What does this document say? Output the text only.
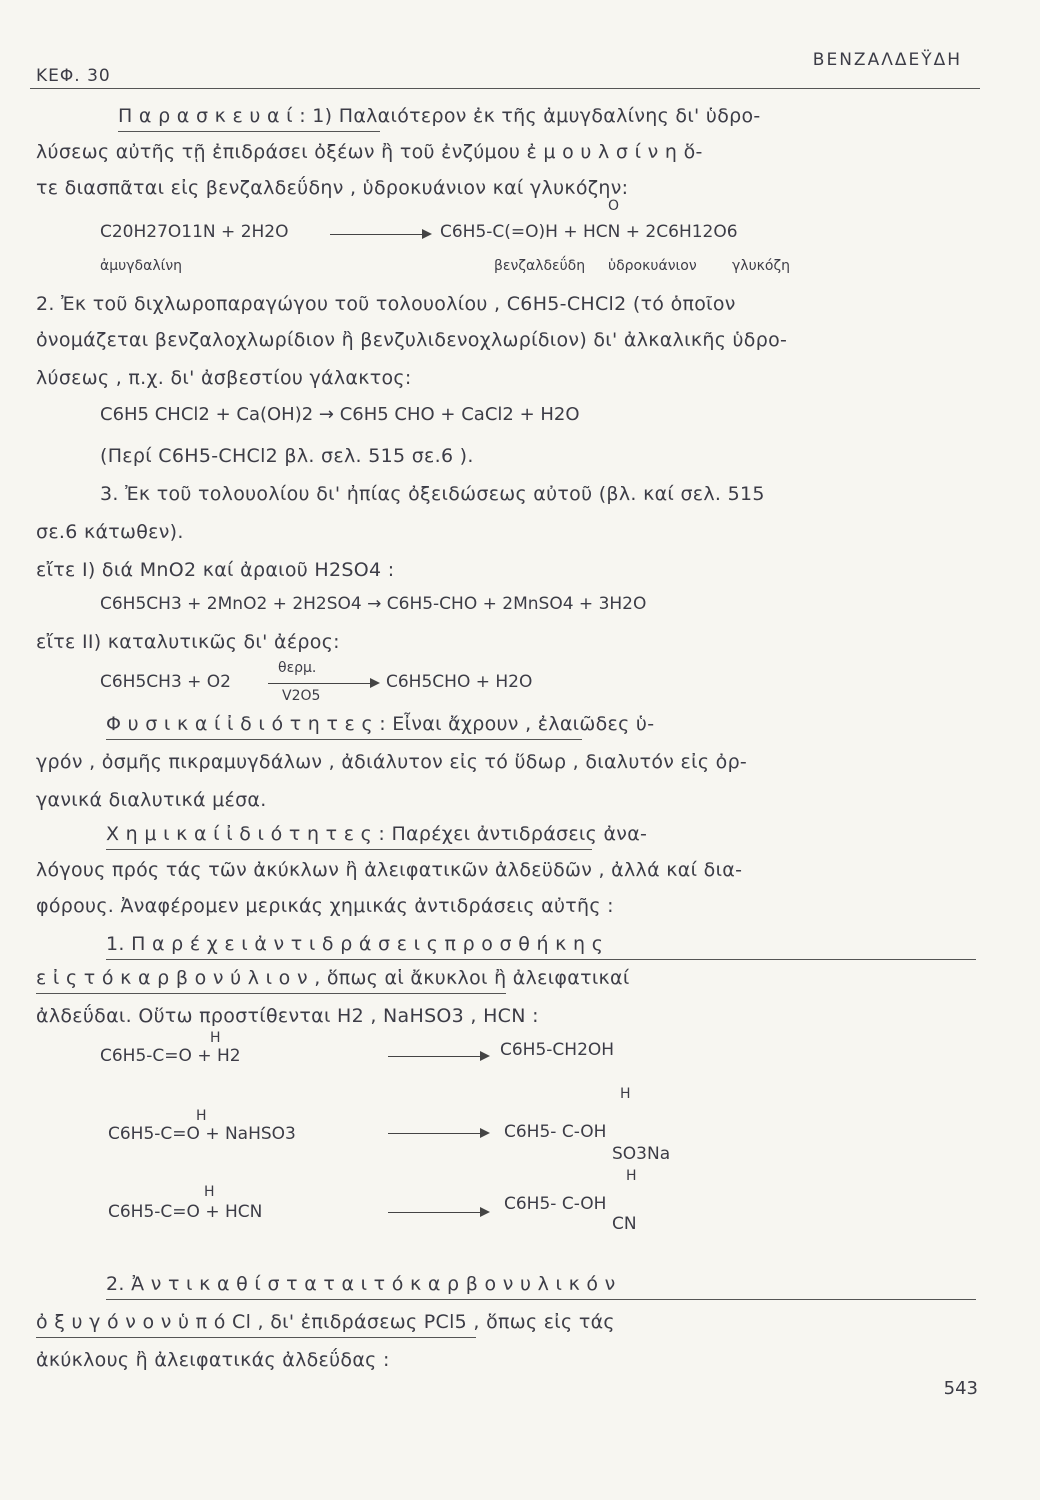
ΚΕΦ. 30
ΒΕΝΖΑΛΔΕΫΔΗ
Π α ρ α σ κ ε υ α ί : 1) Παλαιότερον ἐκ τῆς ἀμυγδαλίνης δι' ὑδρο-
λύσεως αὐτῆς τῇ ἐπιδράσει ὀξέων ἢ τοῦ ἐνζύμου ἐ μ ο υ λ σ ί ν η ὅ-
τε διασπᾶται εἰς βενζαλδεΰδην , ὑδροκυάνιον καί γλυκόζην:
O
C20H27O11N + 2H2O	C6H5-C(=O)H + HCN + 2C6H12O6
ἀμυγδαλίνη	βενζαλδεΰδη ὑδροκυάνιον	γλυκόζη
2. Ἐκ τοῦ διχλωροπαραγώγου τοῦ τολουολίου , C6H5-CHCl2 (τό ὁποῖον
ὀνομάζεται βενζαλοχλωρίδιον ἢ βενζυλιδενοχλωρίδιον) δι' ἀλκαλικῆς ὑδρο-
λύσεως , π.χ. δι' ἀσβεστίου γάλακτος:
C6H5 CHCl2 + Ca(OH)2 → C6H5 CHO + CaCl2 + H2O
(Περί C6H5-CHCl2 βλ. σελ. 515 σε.6 ).
3. Ἐκ τοῦ τολουολίου δι' ἠπίας ὀξειδώσεως αὐτοῦ (βλ. καί σελ. 515
σε.6 κάτωθεν).
εἴτε I) διά MnO2 καί ἀραιοῦ H2SO4 :
C6H5CH3 + 2MnO2 + 2H2SO4 → C6H5-CHO + 2MnSO4 + 3H2O
εἴτε II) καταλυτικῶς δι' ἀέρος:
C6H5CH3 + O2
θερμ.
V2O5
C6H5CHO + H2O
Φ υ σ ι κ α ί ἰ δ ι ό τ η τ ε ς : Εἶναι ἄχρουν , ἐλαιῶδες ὑ-
γρόν , ὀσμῆς πικραμυγδάλων , ἀδιάλυτον εἰς τό ὕδωρ , διαλυτόν εἰς ὀρ-
γανικά διαλυτικά μέσα.
Χ η μ ι κ α ί ἰ δ ι ό τ η τ ε ς : Παρέχει ἀντιδράσεις ἀνα-
λόγους πρός τάς τῶν ἀκύκλων ἢ ἀλειφατικῶν ἀλδεϋδῶν , ἀλλά καί δια-
φόρους. Ἀναφέρομεν μερικάς χημικάς ἀντιδράσεις αὐτῆς :
1. Π α ρ έ χ ε ι ἀ ν τ ι δ ρ ά σ ε ι ς π ρ ο σ θ ή κ η ς
ε ἰ ς τ ό κ α ρ β ο ν ύ λ ι ο ν , ὅπως αἱ ἄκυκλοι ἢ ἀλειφατικαί
ἀλδεΰδαι. Οὕτω προστίθενται H2 , NaHSO3 , HCN :
H
C6H5-C=O + H2	C6H5-CH2OH
H
C6H5-C=O + NaHSO3
H
C6H5- C-OH
SO3Na
H
C6H5-C=O + HCN
H
C6H5- C-OH
CN
2. Ἀ ν τ ι κ α θ ί σ τ α τ α ι τ ό κ α ρ β ο ν υ λ ι κ ό ν
ὀ ξ υ γ ό ν ο ν ὑ π ό Cl , δι' ἐπιδράσεως PCl5 , ὅπως εἰς τάς
ἀκύκλους ἢ ἀλειφατικάς ἀλδεΰδας :
543
